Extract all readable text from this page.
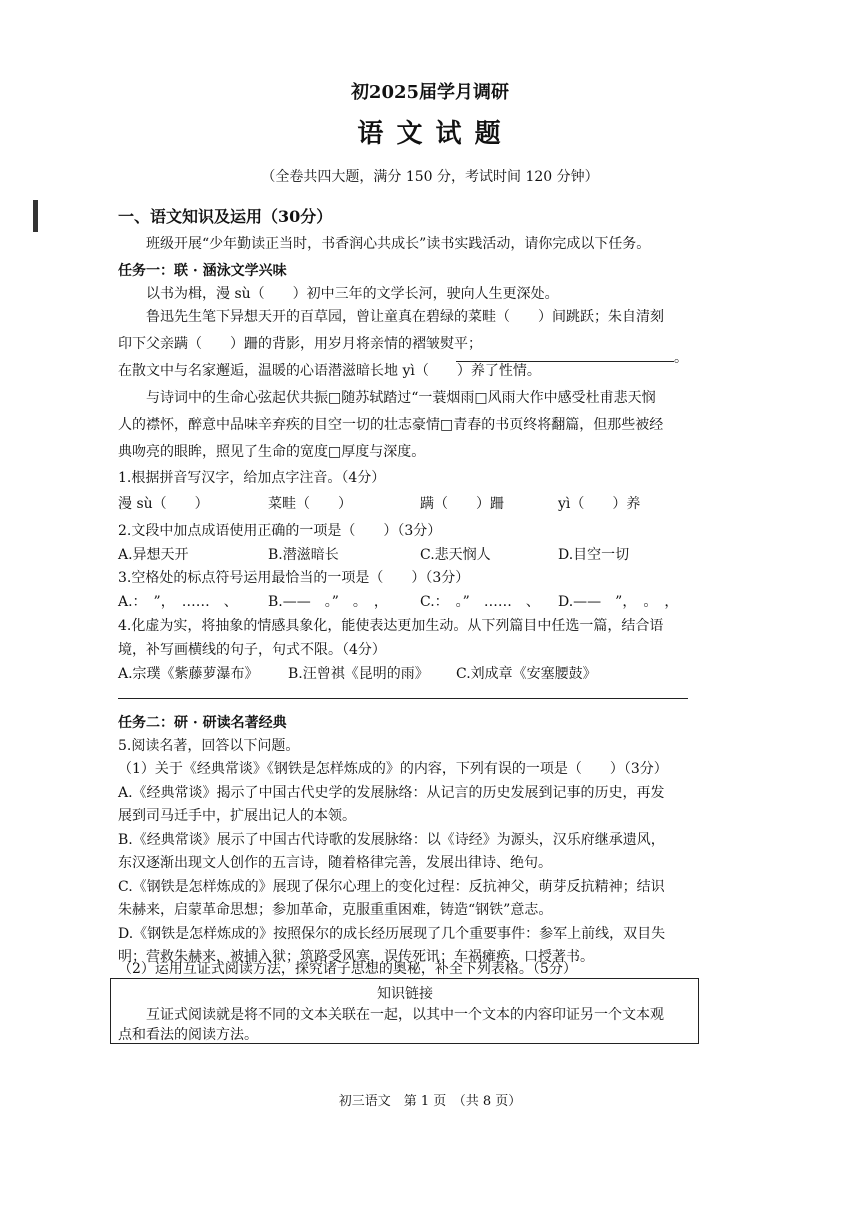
初2025届学月调研
语 文 试 题
（全卷共四大题，满分 150 分，考试时间 120 分钟）
一、语文知识及运用（30分）
班级开展“少年勤读正当时，书香润心共成长”读书实践活动，请你完成以下任务。
任务一：联 · 涵泳文学兴味
以书为楫，漫 sù（　　）初中三年的文学长河，驶向人生更深处。
鲁迅先生笔下异想天开的百草园，曾让童真在碧绿的菜畦（　　）间跳跃；朱自清刻
印下父亲蹒（　　）跚的背影，用岁月将亲情的褶皱熨平；
。
在散文中与名家邂逅，温暖的心语潜滋暗长地 yì（　　）养了性情。
与诗词中的生命心弦起伏共振□随苏轼踏过“一蓑烟雨□风雨大作中感受杜甫悲天悯
人的襟怀，醉意中品味辛弃疾的目空一切的壮志豪情□青春的书页终将翻篇，但那些被经
典吻亮的眼眸，照见了生命的宽度□厚度与深度。
1.根据拼音写汉字，给加点字注音。（4分）
漫 sù（　　）	菜畦（　　）	蹒（　　）跚	yì（　　）养
2.文段中加点成语使用正确的一项是（　　）（3分）
A.异想天开	B.潜滋暗长	C.悲天悯人	D.目空一切
3.空格处的标点符号运用最恰当的一项是（　　）（3分）
A.：　”，　……　、 B.——　。”　。　， C.：　。”　……　、 D.——　”，　。　，
4.化虚为实，将抽象的情感具象化，能使表达更加生动。从下列篇目中任选一篇，结合语
境，补写画横线的句子，句式不限。（4分）
A.宗璞《紫藤萝瀑布》 B.汪曾祺《昆明的雨》 C.刘成章《安塞腰鼓》
任务二：研 · 研读名著经典
5.阅读名著，回答以下问题。
（1）关于《经典常谈》《钢铁是怎样炼成的》的内容，下列有误的一项是（　　）（3分）
A.《经典常谈》揭示了中国古代史学的发展脉络：从记言的历史发展到记事的历史，再发
展到司马迁手中，扩展出记人的本领。
B.《经典常谈》展示了中国古代诗歌的发展脉络：以《诗经》为源头，汉乐府继承遗风，
东汉逐渐出现文人创作的五言诗，随着格律完善，发展出律诗、绝句。
C.《钢铁是怎样炼成的》展现了保尔心理上的变化过程：反抗神父，萌芽反抗精神；结识
朱赫来，启蒙革命思想；参加革命，克服重重困难，铸造“钢铁”意志。
D.《钢铁是怎样炼成的》按照保尔的成长经历展现了几个重要事件：参军上前线，双目失
明；营救朱赫来，被捕入狱；筑路受风寒，误传死讯；车祸瘫痪，口授著书。
（2）运用互证式阅读方法，探究诸子思想的奥秘，补全下列表格。（5分）
知识链接
互证式阅读就是将不同的文本关联在一起，以其中一个文本的内容印证另一个文本观
点和看法的阅读方法。
初三语文　第 1 页　（共 8 页）
